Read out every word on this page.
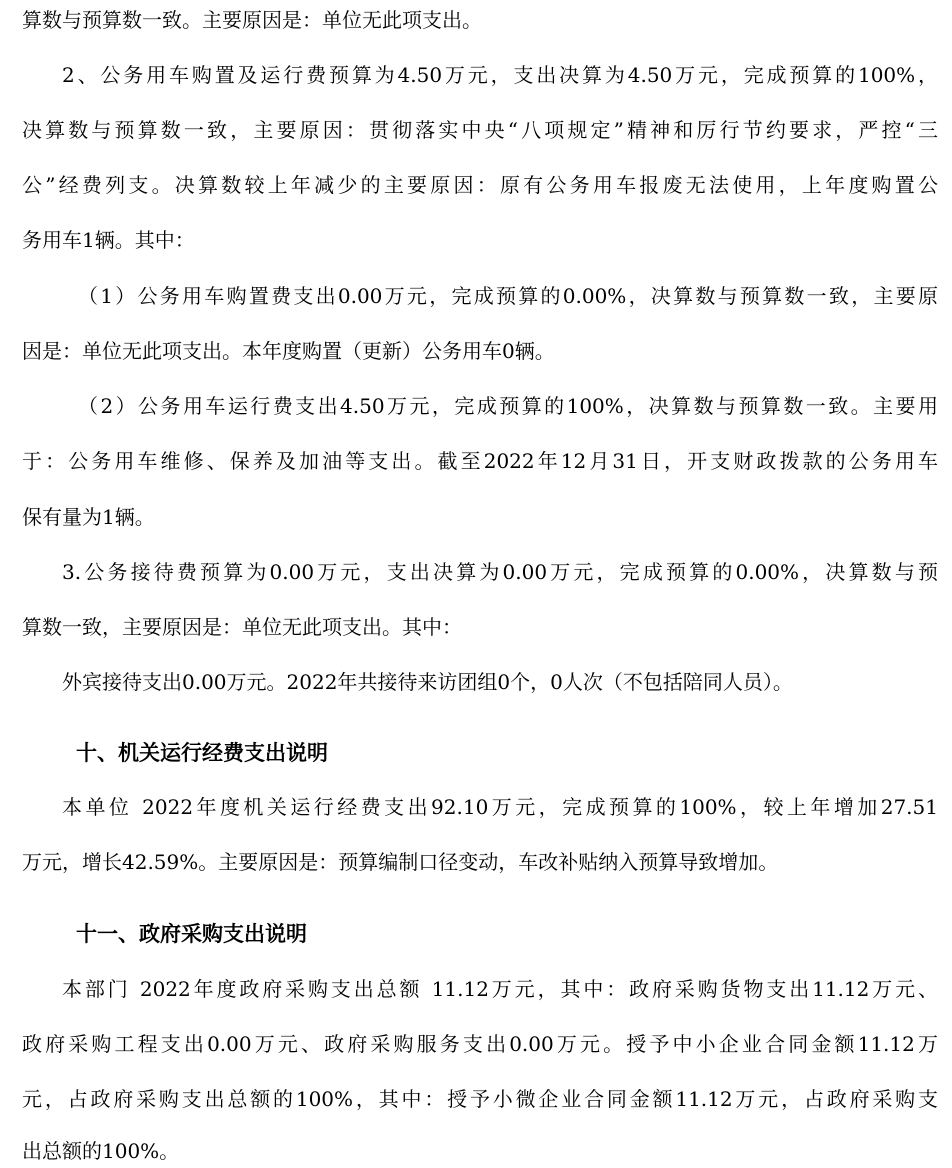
算数与预算数一致。主要原因是：单位无此项支出。
2、公务用车购置及运行费预算为4.50万元，支出决算为4.50万元，完成预算的100%，
决算数与预算数一致，主要原因：贯彻落实中央“八项规定”精神和厉行节约要求，严控“三
公”经费列支。决算数较上年减少的主要原因：原有公务用车报废无法使用，上年度购置公
务用车1辆。其中：
（1）公务用车购置费支出0.00万元，完成预算的0.00%，决算数与预算数一致，主要原
因是：单位无此项支出。本年度购置（更新）公务用车0辆。
（2）公务用车运行费支出4.50万元，完成预算的100%，决算数与预算数一致。主要用
于：公务用车维修、保养及加油等支出。截至2022年12月31日，开支财政拨款的公务用车
保有量为1辆。
3.公务接待费预算为0.00万元，支出决算为0.00万元，完成预算的0.00%，决算数与预
算数一致，主要原因是：单位无此项支出。其中：
外宾接待支出0.00万元。2022年共接待来访团组0个，0人次（不包括陪同人员）。
十、机关运行经费支出说明
本单位 2022年度机关运行经费支出92.10万元，完成预算的100%，较上年增加27.51
万元，增长42.59%。主要原因是：预算编制口径变动，车改补贴纳入预算导致增加。
十一、政府采购支出说明
本部门 2022年度政府采购支出总额 11.12万元，其中：政府采购货物支出11.12万元、
政府采购工程支出0.00万元、政府采购服务支出0.00万元。授予中小企业合同金额11.12万
元，占政府采购支出总额的100%，其中：授予小微企业合同金额11.12万元，占政府采购支
出总额的100%。
